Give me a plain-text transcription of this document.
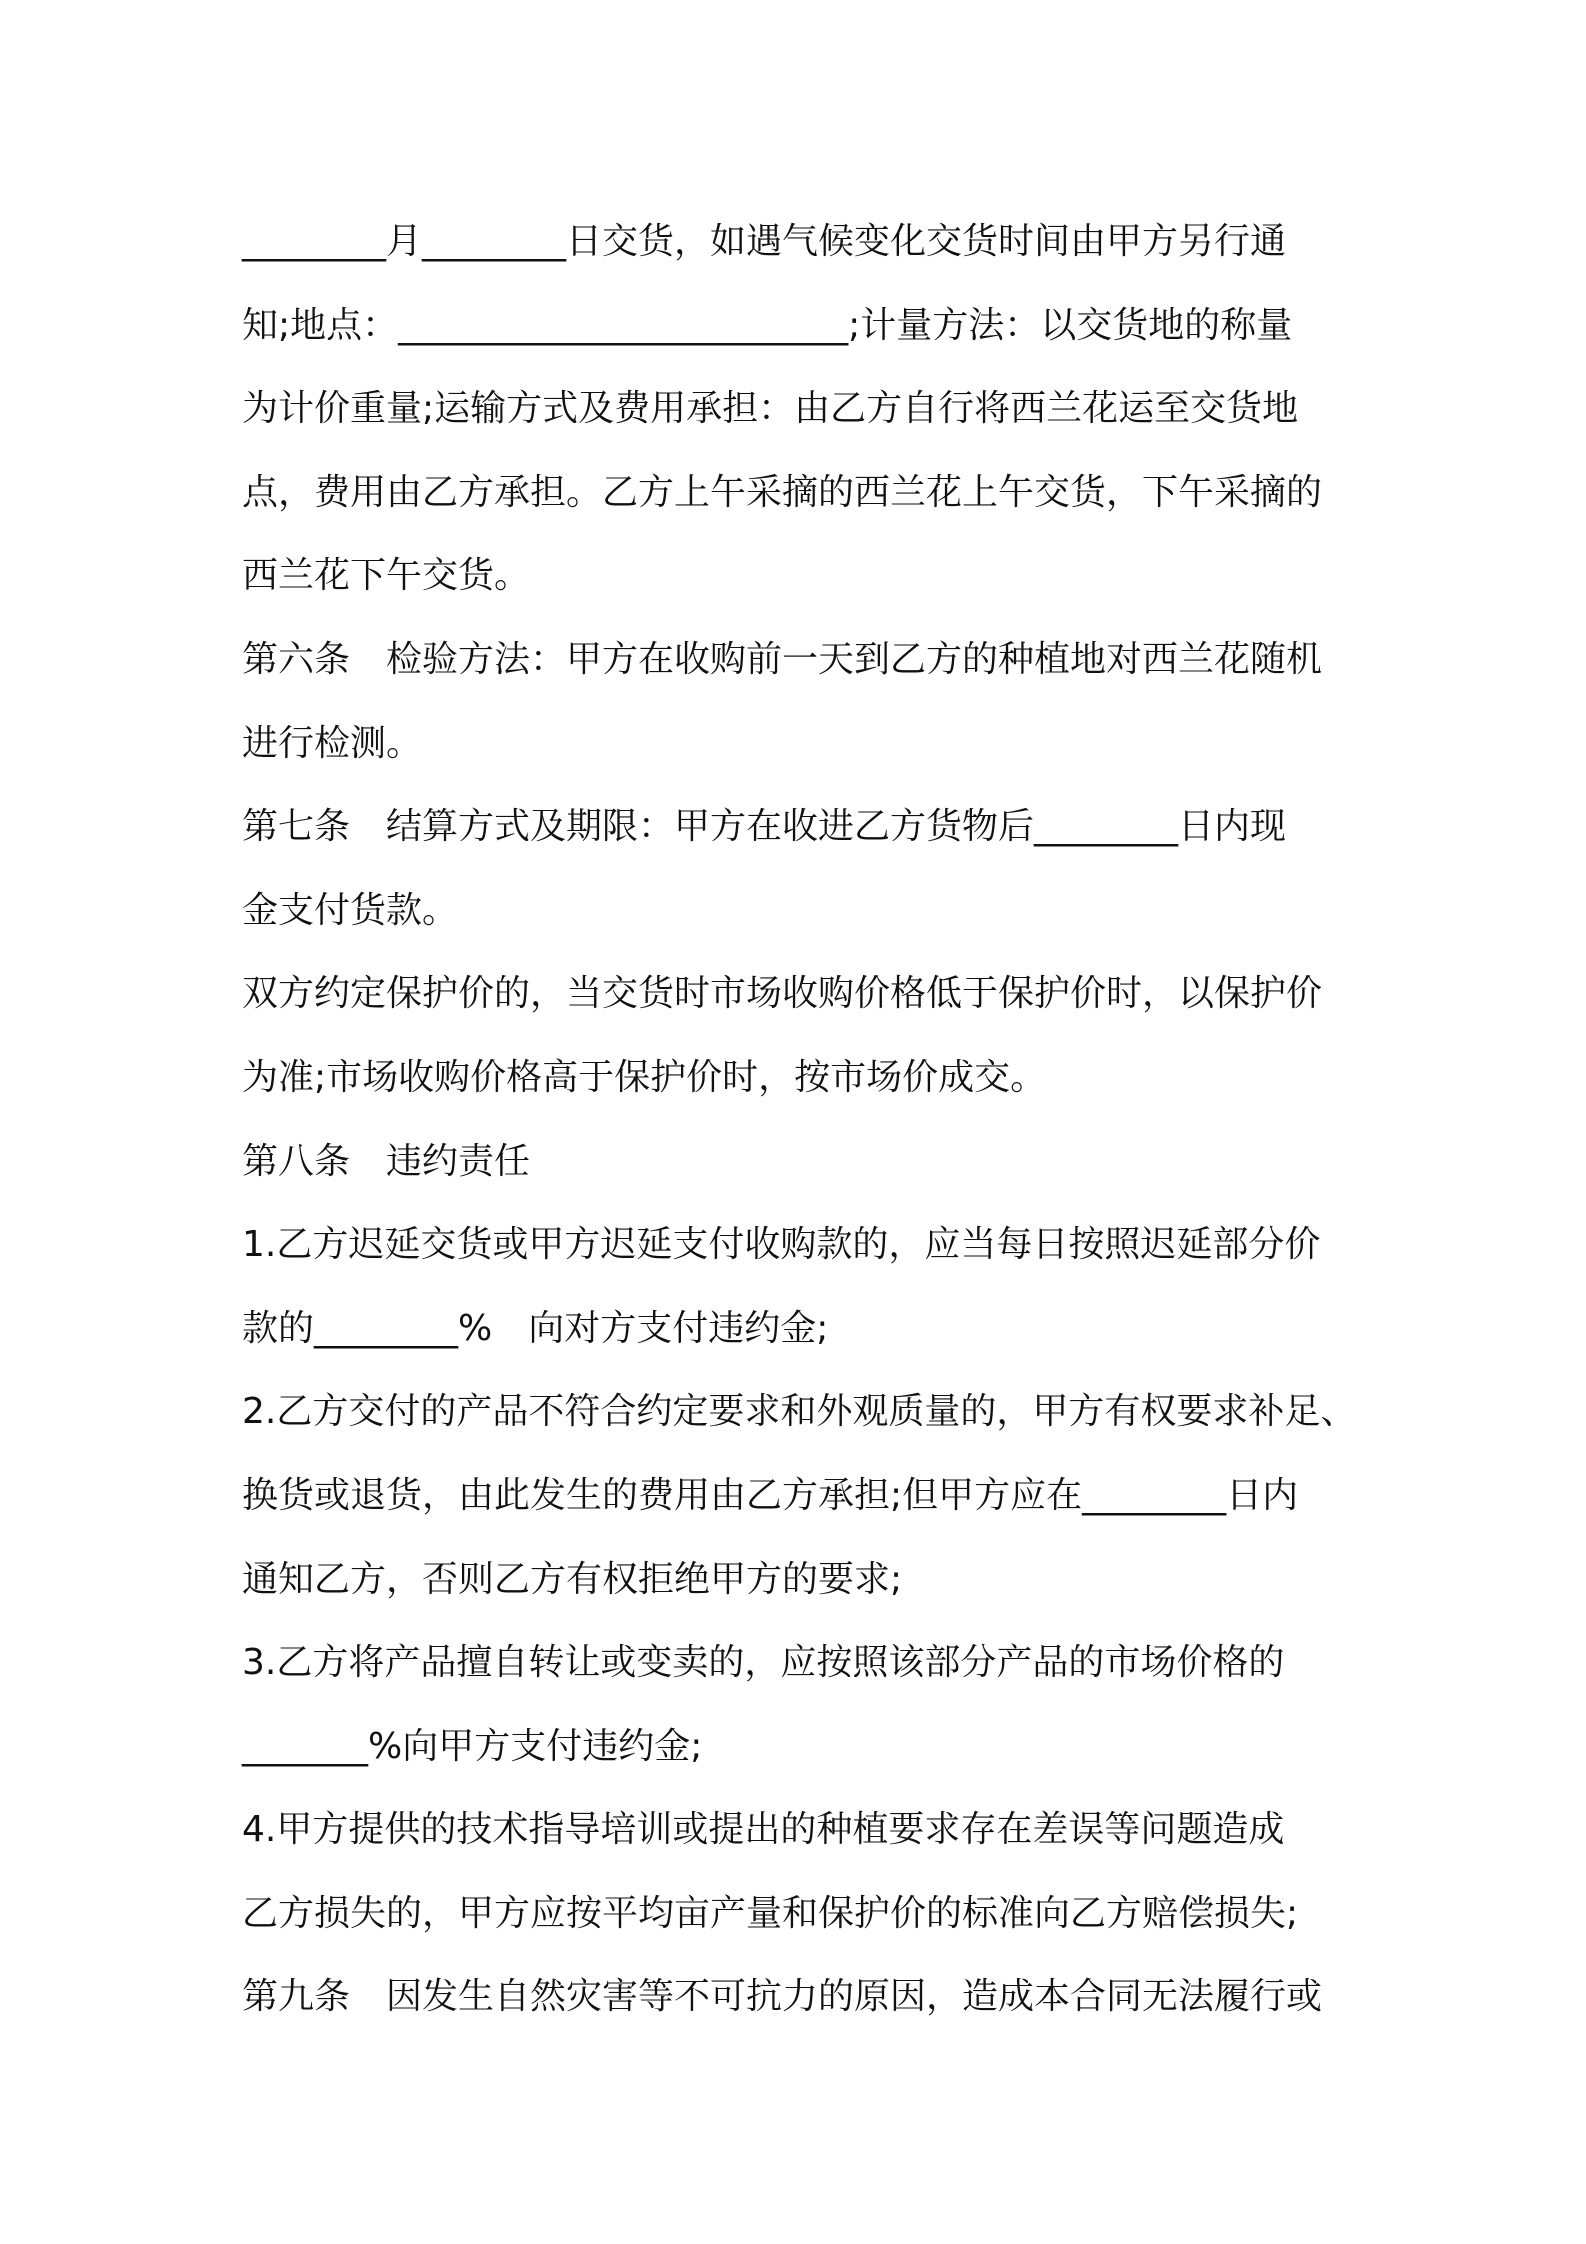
________月________日交货，如遇气候变化交货时间由甲方另行通
知;地点：_________________________;计量方法：以交货地的称量
为计价重量;运输方式及费用承担：由乙方自行将西兰花运至交货地
点，费用由乙方承担。乙方上午采摘的西兰花上午交货，下午采摘的
西兰花下午交货。
第六条　检验方法：甲方在收购前一天到乙方的种植地对西兰花随机
进行检测。
第七条　结算方式及期限：甲方在收进乙方货物后________日内现
金支付货款。
双方约定保护价的，当交货时市场收购价格低于保护价时，以保护价
为准;市场收购价格高于保护价时，按市场价成交。
第八条　违约责任
1.乙方迟延交货或甲方迟延支付收购款的，应当每日按照迟延部分价
款的________%　向对方支付违约金;
2.乙方交付的产品不符合约定要求和外观质量的，甲方有权要求补足、
换货或退货，由此发生的费用由乙方承担;但甲方应在________日内
通知乙方，否则乙方有权拒绝甲方的要求;
3.乙方将产品擅自转让或变卖的，应按照该部分产品的市场价格的
_______%向甲方支付违约金;
4.甲方提供的技术指导培训或提出的种植要求存在差误等问题造成
乙方损失的，甲方应按平均亩产量和保护价的标准向乙方赔偿损失;
第九条　因发生自然灾害等不可抗力的原因，造成本合同无法履行或
